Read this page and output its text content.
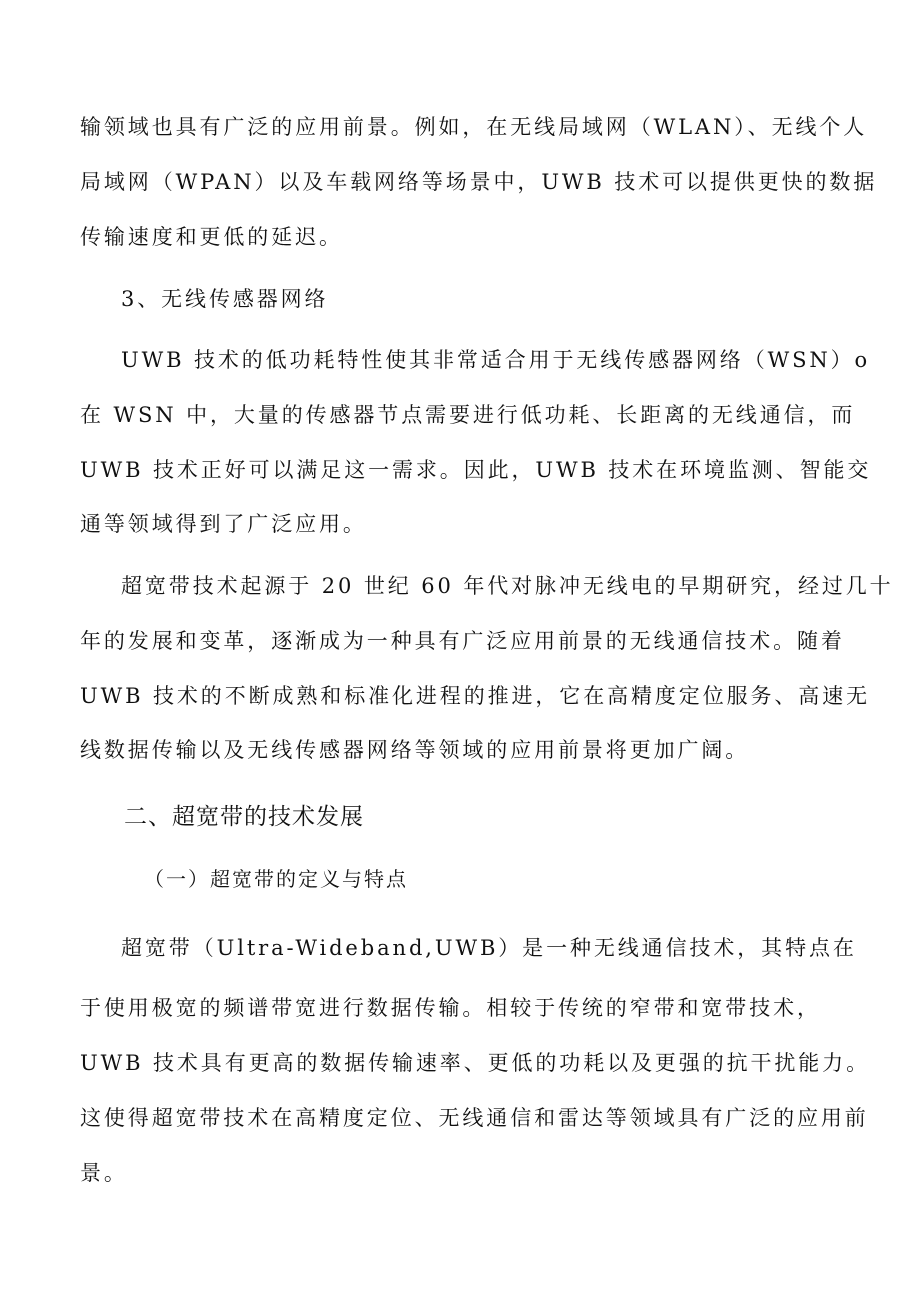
输领域也具有广泛的应用前景。例如，在无线局域网（WLAN）、无线个人
局域网（WPAN）以及车载网络等场景中，UWB 技术可以提供更快的数据
传输速度和更低的延迟。
3、无线传感器网络
UWB 技术的低功耗特性使其非常适合用于无线传感器网络（WSN）o
在 WSN 中，大量的传感器节点需要进行低功耗、长距离的无线通信，而
UWB 技术正好可以满足这一需求。因此，UWB 技术在环境监测、智能交
通等领域得到了广泛应用。
超宽带技术起源于 20 世纪 60 年代对脉冲无线电的早期研究，经过几十
年的发展和变革，逐渐成为一种具有广泛应用前景的无线通信技术。随着
UWB 技术的不断成熟和标准化进程的推进，它在高精度定位服务、高速无
线数据传输以及无线传感器网络等领域的应用前景将更加广阔。
二、超宽带的技术发展
（一）超宽带的定义与特点
超宽带（Ultra-Wideband,UWB）是一种无线通信技术，其特点在
于使用极宽的频谱带宽进行数据传输。相较于传统的窄带和宽带技术，
UWB 技术具有更高的数据传输速率、更低的功耗以及更强的抗干扰能力。
这使得超宽带技术在高精度定位、无线通信和雷达等领域具有广泛的应用前
景。
